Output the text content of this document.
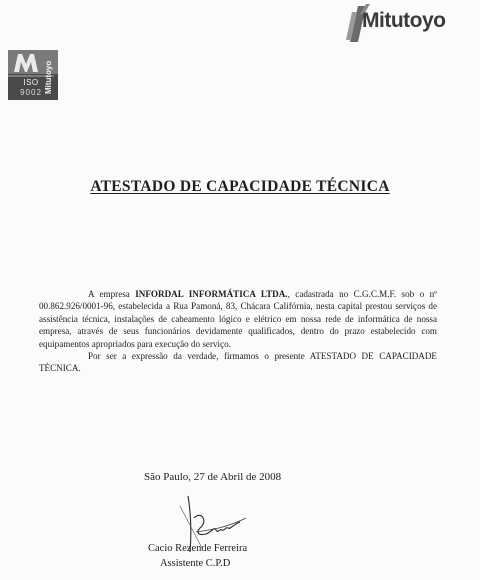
Mitutoyo
Mitutoyo
ISO
9002
ATESTADO DE CAPACIDADE TÉCNICA

A empresa INFORDAL INFORMÁTICA LTDA., cadastrada no C.G.C.M.F. sob o nº 00.862.926/0001-96, estabelecida a Rua Pamoná, 83, Chácara Califórnia, nesta capital prestou serviços de assistência técnica, instalações de cabeamento lógico e elétrico em nossa rede de informática de nossa empresa, através de seus funcionários devidamente qualificados, dentro do prazo estabelecido com equipamentos apropriados para execução do serviço.

Por ser a expressão da verdade, firmamos o presente ATESTADO DE CAPACIDADE TÉCNICA.

São Paulo, 27 de Abril de 2008
Cacio Rezende Ferreira
Assistente C.P.D
